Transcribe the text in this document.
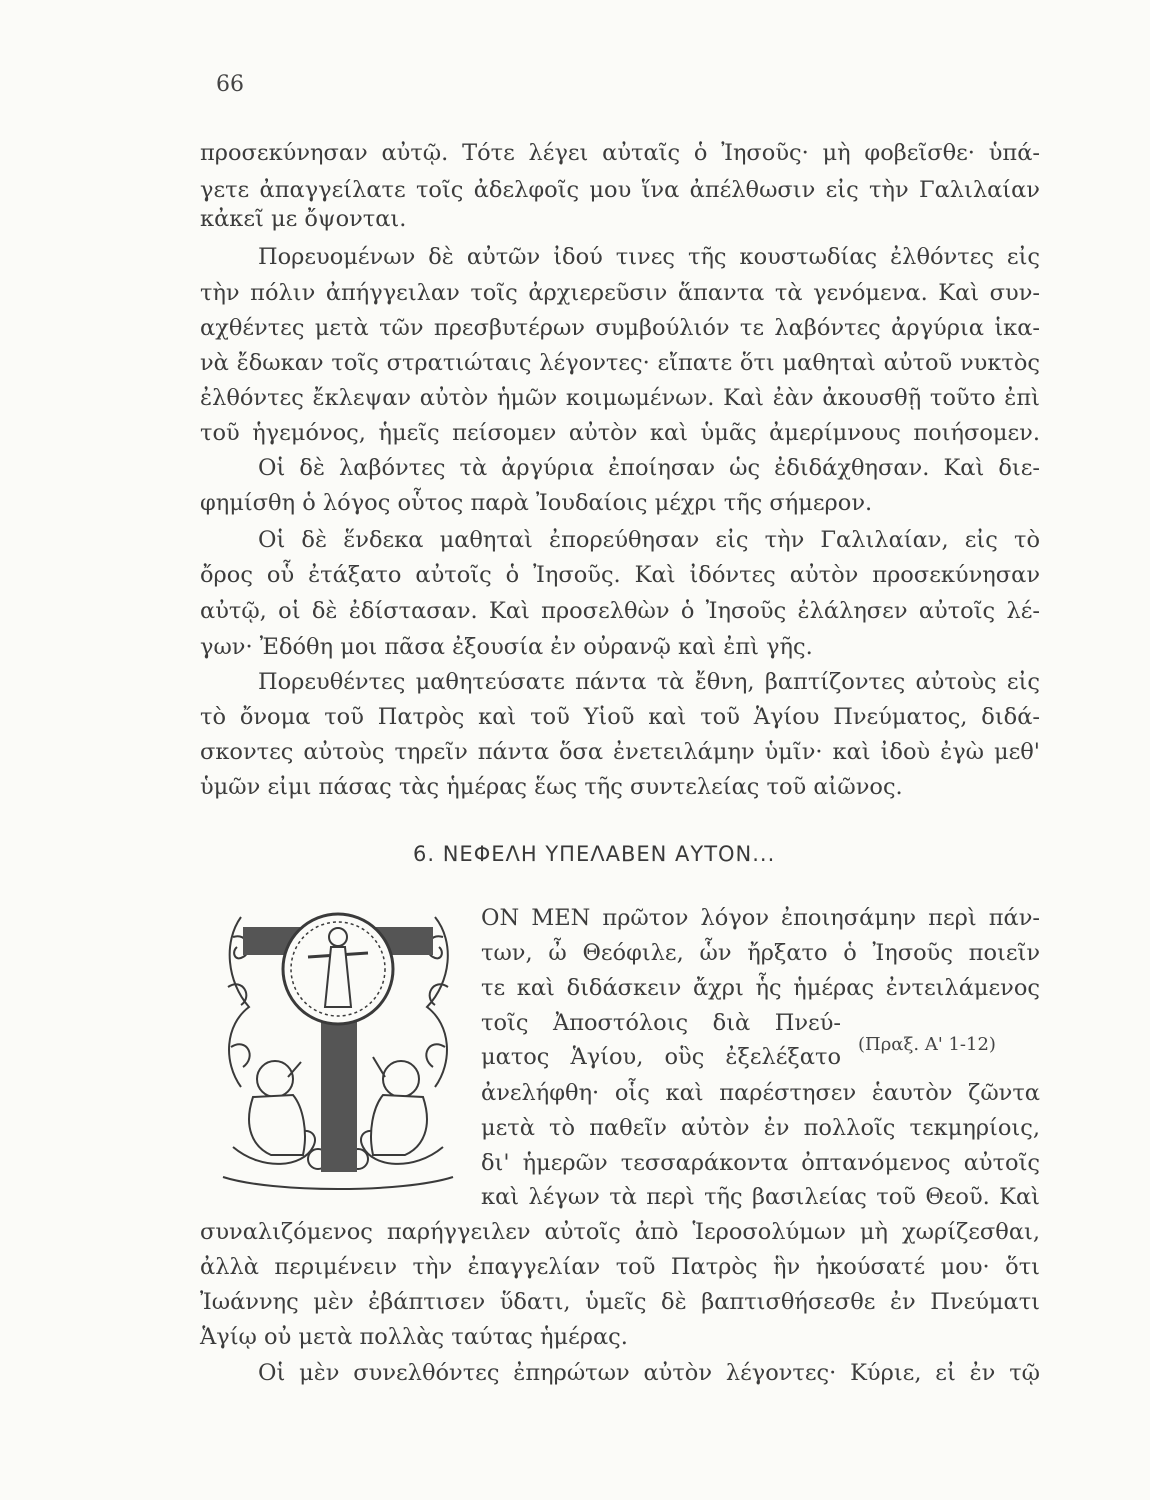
66
προσεκύνησαν αὐτῷ. Τότε λέγει αὐταῖς ὁ Ἰησοῦς· μὴ φοβεῖσθε· ὑπά-
γετε ἀπαγγείλατε τοῖς ἀδελφοῖς μου ἵνα ἀπέλθωσιν εἰς τὴν Γαλιλαίαν
κἀκεῖ με ὄψονται.
Πορευομένων δὲ αὐτῶν ἰδού τινες τῆς κουστωδίας ἐλθόντες εἰς
τὴν πόλιν ἀπήγγειλαν τοῖς ἀρχιερεῦσιν ἅπαντα τὰ γενόμενα. Καὶ συν-
αχθέντες μετὰ τῶν πρεσβυτέρων συμβούλιόν τε λαβόντες ἀργύρια ἱκα-
νὰ ἔδωκαν τοῖς στρατιώταις λέγοντες· εἴπατε ὅτι μαθηταὶ αὐτοῦ νυκτὸς
ἐλθόντες ἔκλεψαν αὐτὸν ἡμῶν κοιμωμένων. Καὶ ἐὰν ἀκουσθῇ τοῦτο ἐπὶ
τοῦ ἡγεμόνος, ἡμεῖς πείσομεν αὐτὸν καὶ ὑμᾶς ἀμερίμνους ποιήσομεν.
Οἱ δὲ λαβόντες τὰ ἀργύρια ἐποίησαν ὡς ἐδιδάχθησαν. Καὶ διε-
φημίσθη ὁ λόγος οὗτος παρὰ Ἰουδαίοις μέχρι τῆς σήμερον.
Οἱ δὲ ἕνδεκα μαθηταὶ ἐπορεύθησαν εἰς τὴν Γαλιλαίαν, εἰς τὸ
ὄρος οὗ ἐτάξατο αὐτοῖς ὁ Ἰησοῦς. Καὶ ἰδόντες αὐτὸν προσεκύνησαν
αὐτῷ, οἱ δὲ ἐδίστασαν. Καὶ προσελθὼν ὁ Ἰησοῦς ἐλάλησεν αὐτοῖς λέ-
γων· Ἐδόθη μοι πᾶσα ἐξουσία ἐν οὐρανῷ καὶ ἐπὶ γῆς.
Πορευθέντες μαθητεύσατε πάντα τὰ ἔθνη, βαπτίζοντες αὐτοὺς εἰς
τὸ ὄνομα τοῦ Πατρὸς καὶ τοῦ Υἱοῦ καὶ τοῦ Ἁγίου Πνεύματος, διδά-
σκοντες αὐτοὺς τηρεῖν πάντα ὅσα ἐνετειλάμην ὑμῖν· καὶ ἰδοὺ ἐγὼ μεθ'
ὑμῶν εἰμι πάσας τὰς ἡμέρας ἕως τῆς συντελείας τοῦ αἰῶνος.
6. ΝΕΦΕΛΗ ΥΠΕΛΑΒΕΝ ΑΥΤΟΝ...
ΟΝ ΜΕΝ πρῶτον λόγον ἐποιησάμην περὶ πάν-
των, ὦ Θεόφιλε, ὧν ἤρξατο ὁ Ἰησοῦς ποιεῖν
τε καὶ διδάσκειν ἄχρι ἧς ἡμέρας ἐντειλάμενος
τοῖς Ἀποστόλοις διὰ Πνεύ-
ματος Ἁγίου, οὓς ἐξελέξατο (Πραξ. Α' 1-12)
ἀνελήφθη· οἷς καὶ παρέστησεν ἑαυτὸν ζῶντα
μετὰ τὸ παθεῖν αὐτὸν ἐν πολλοῖς τεκμηρίοις,
δι' ἡμερῶν τεσσαράκοντα ὀπτανόμενος αὐτοῖς
καὶ λέγων τὰ περὶ τῆς βασιλείας τοῦ Θεοῦ. Καὶ
συναλιζόμενος παρήγγειλεν αὐτοῖς ἀπὸ Ἱεροσολύμων μὴ χωρίζεσθαι,
ἀλλὰ περιμένειν τὴν ἐπαγγελίαν τοῦ Πατρὸς ἣν ἠκούσατέ μου· ὅτι
Ἰωάννης μὲν ἐβάπτισεν ὕδατι, ὑμεῖς δὲ βαπτισθήσεσθε ἐν Πνεύματι
Ἁγίῳ οὐ μετὰ πολλὰς ταύτας ἡμέρας.
Οἱ μὲν συνελθόντες ἐπηρώτων αὐτὸν λέγοντες· Κύριε, εἰ ἐν τῷ
